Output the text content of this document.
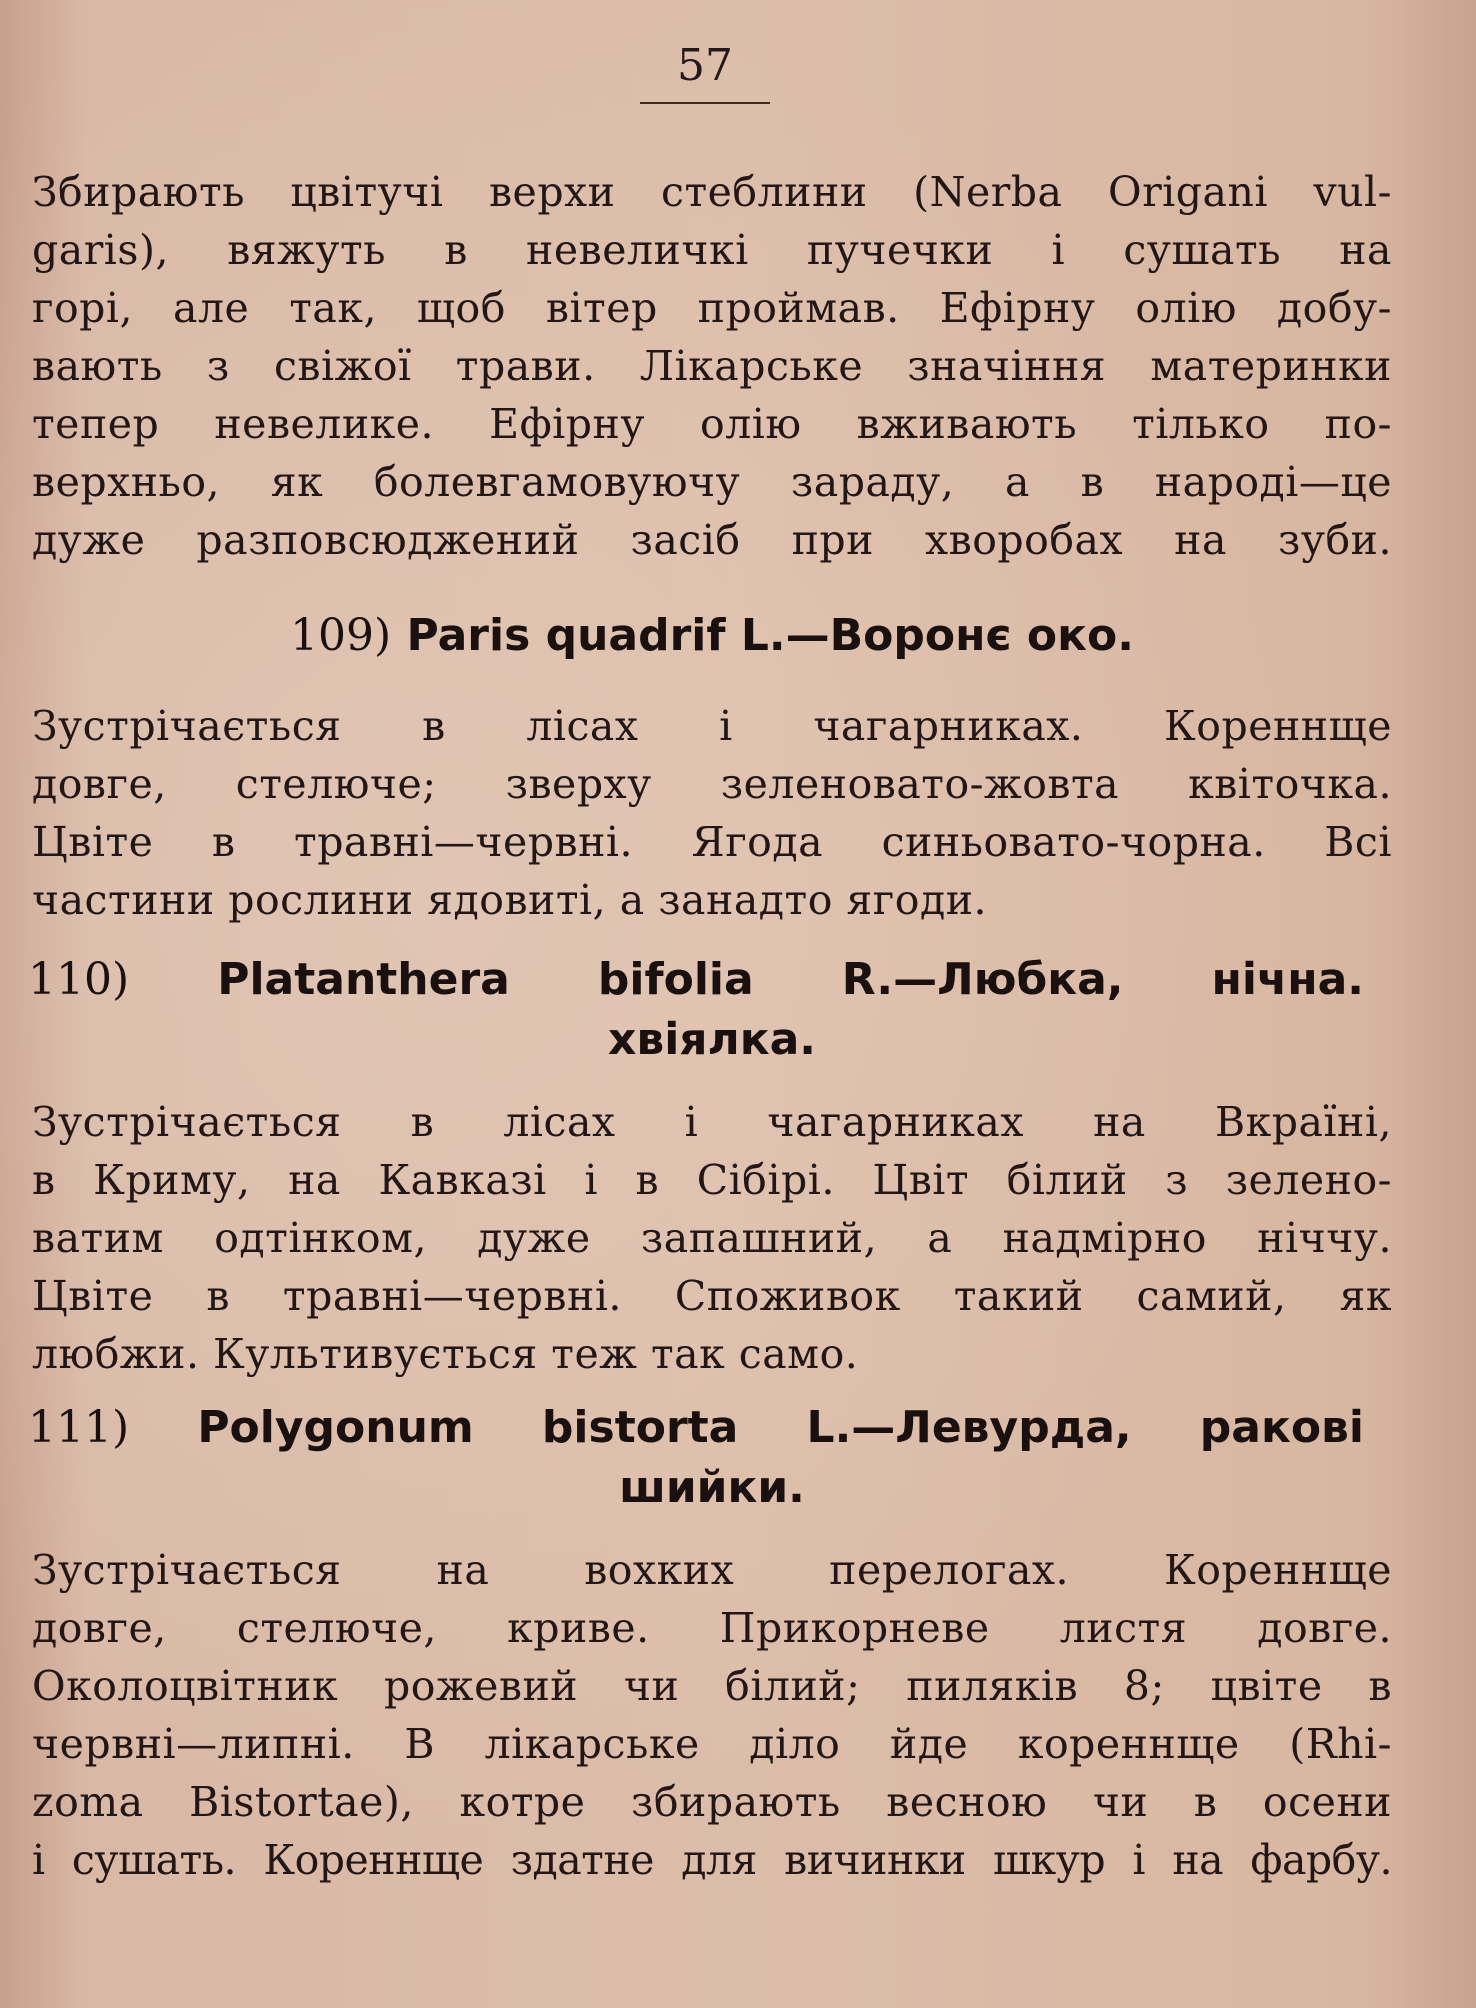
57
Збирають цвітучі верхи стеблини (Nerba Origani vul-
garis), вяжуть в невеличкі пучечки і сушать на
горі, але так, щоб вітер проймав. Ефірну олію добу-
вають з свіжої трави. Лікарське значіння материнки
тепер невелике. Ефірну олію вживають тілько по-
верхньо, як болевгамовуючу зараду, а в народі—це
дуже разповсюджений засіб при хворобах на зуби.
109) Paris quadrif L.—Воронє око.
Зустрічається в лісах і чагарниках. Кореннще
довге, стелюче; зверху зеленовато-жовта квіточка.
Цвіте в травні—червні. Ягода синьовато-чорна. Всі
частини рослини ядовиті, а занадто ягоди.
110) Platanthera bifolia R.—Любка, нічна.
хвіялка.
Зустрічається в лісах і чагарниках на Вкраїні,
в Криму, на Кавказі і в Сібірі. Цвіт білий з зелено-
ватим одтінком, дуже запашний, а надмірно ніччу.
Цвіте в травні—червні. Споживок такий самий, як
любжи. Культивується теж так само.
111) Polygonum bistorta L.—Левурда, ракові
шийки.
Зустрічається на вохких перелогах. Кореннще
довге, стелюче, криве. Прикорневе листя довге.
Околоцвітник рожевий чи білий; пиляків 8; цвіте в
червні—липні. В лікарське діло йде кореннще (Rhi-
zoma Bistortae), котре збирають весною чи в осени
і сушать. Кореннще здатне для вичинки шкур і на фарбу.
